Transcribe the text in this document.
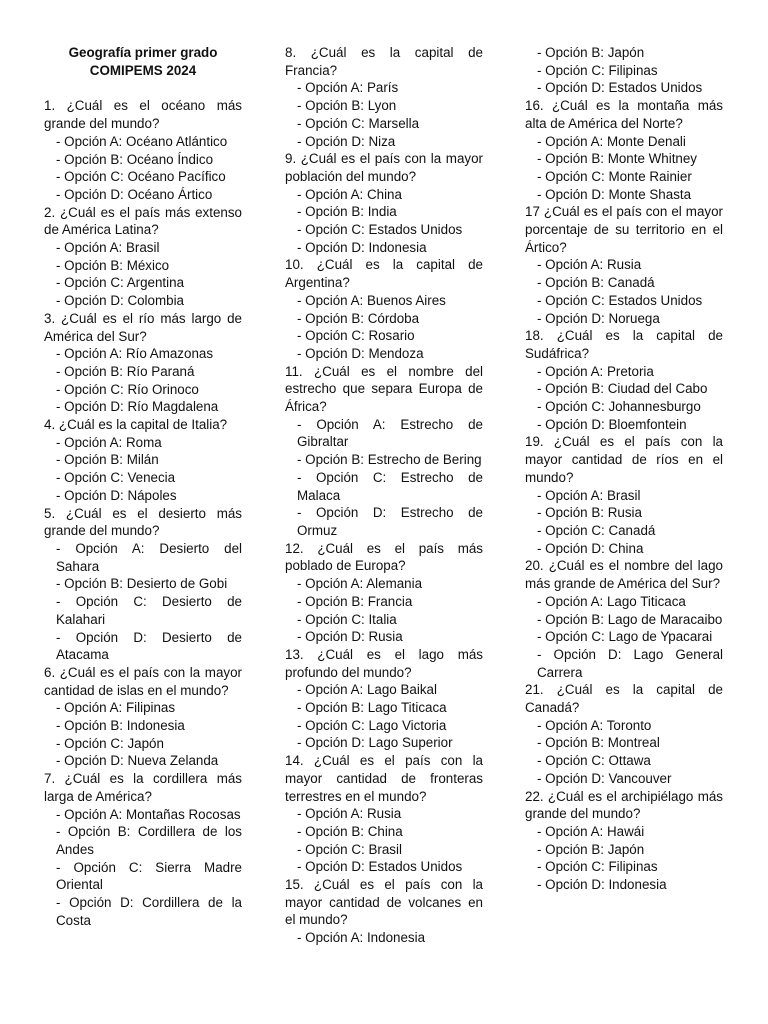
Geografía primer grado
COMIPEMS 2024
1. ¿Cuál es el océano más grande del mundo?
- Opción A: Océano Atlántico
- Opción B: Océano Índico
- Opción C: Océano Pacífico
- Opción D: Océano Ártico
2. ¿Cuál es el país más extenso de América Latina?
- Opción A: Brasil
- Opción B: México
- Opción C: Argentina
- Opción D: Colombia
3. ¿Cuál es el río más largo de América del Sur?
- Opción A: Río Amazonas
- Opción B: Río Paraná
- Opción C: Río Orinoco
- Opción D: Río Magdalena
4. ¿Cuál es la capital de Italia?
- Opción A: Roma
- Opción B: Milán
- Opción C: Venecia
- Opción D: Nápoles
5. ¿Cuál es el desierto más grande del mundo?
- Opción A: Desierto del Sahara
- Opción B: Desierto de Gobi
- Opción C: Desierto de Kalahari
- Opción D: Desierto de Atacama
6. ¿Cuál es el país con la mayor cantidad de islas en el mundo?
- Opción A: Filipinas
- Opción B: Indonesia
- Opción C: Japón
- Opción D: Nueva Zelanda
7. ¿Cuál es la cordillera más larga de América?
- Opción A: Montañas Rocosas
- Opción B: Cordillera de los Andes
- Opción C: Sierra Madre Oriental
- Opción D: Cordillera de la Costa
8. ¿Cuál es la capital de Francia?
- Opción A: París
- Opción B: Lyon
- Opción C: Marsella
- Opción D: Niza
9. ¿Cuál es el país con la mayor población del mundo?
- Opción A: China
- Opción B: India
- Opción C: Estados Unidos
- Opción D: Indonesia
10. ¿Cuál es la capital de Argentina?
- Opción A: Buenos Aires
- Opción B: Córdoba
- Opción C: Rosario
- Opción D: Mendoza
11. ¿Cuál es el nombre del estrecho que separa Europa de África?
- Opción A: Estrecho de Gibraltar
- Opción B: Estrecho de Bering
- Opción C: Estrecho de Malaca
- Opción D: Estrecho de Ormuz
12. ¿Cuál es el país más poblado de Europa?
- Opción A: Alemania
- Opción B: Francia
- Opción C: Italia
- Opción D: Rusia
13. ¿Cuál es el lago más profundo del mundo?
- Opción A: Lago Baikal
- Opción B: Lago Titicaca
- Opción C: Lago Victoria
- Opción D: Lago Superior
14. ¿Cuál es el país con la mayor cantidad de fronteras terrestres en el mundo?
- Opción A: Rusia
- Opción B: China
- Opción C: Brasil
- Opción D: Estados Unidos
15. ¿Cuál es el país con la mayor cantidad de volcanes en el mundo?
- Opción A: Indonesia
- Opción B: Japón
- Opción C: Filipinas
- Opción D: Estados Unidos
16. ¿Cuál es la montaña más alta de América del Norte?
- Opción A: Monte Denali
- Opción B: Monte Whitney
- Opción C: Monte Rainier
- Opción D: Monte Shasta
17 ¿Cuál es el país con el mayor porcentaje de su territorio en el Ártico?
- Opción A: Rusia
- Opción B: Canadá
- Opción C: Estados Unidos
- Opción D: Noruega
18. ¿Cuál es la capital de Sudáfrica?
- Opción A: Pretoria
- Opción B: Ciudad del Cabo
- Opción C: Johannesburgo
- Opción D: Bloemfontein
19. ¿Cuál es el país con la mayor cantidad de ríos en el mundo?
- Opción A: Brasil
- Opción B: Rusia
- Opción C: Canadá
- Opción D: China
20. ¿Cuál es el nombre del lago más grande de América del Sur?
- Opción A: Lago Titicaca
- Opción B: Lago de Maracaibo
- Opción C: Lago de Ypacarai
- Opción D: Lago General Carrera
21. ¿Cuál es la capital de Canadá?
- Opción A: Toronto
- Opción B: Montreal
- Opción C: Ottawa
- Opción D: Vancouver
22. ¿Cuál es el archipiélago más grande del mundo?
- Opción A: Hawái
- Opción B: Japón
- Opción C: Filipinas
- Opción D: Indonesia
